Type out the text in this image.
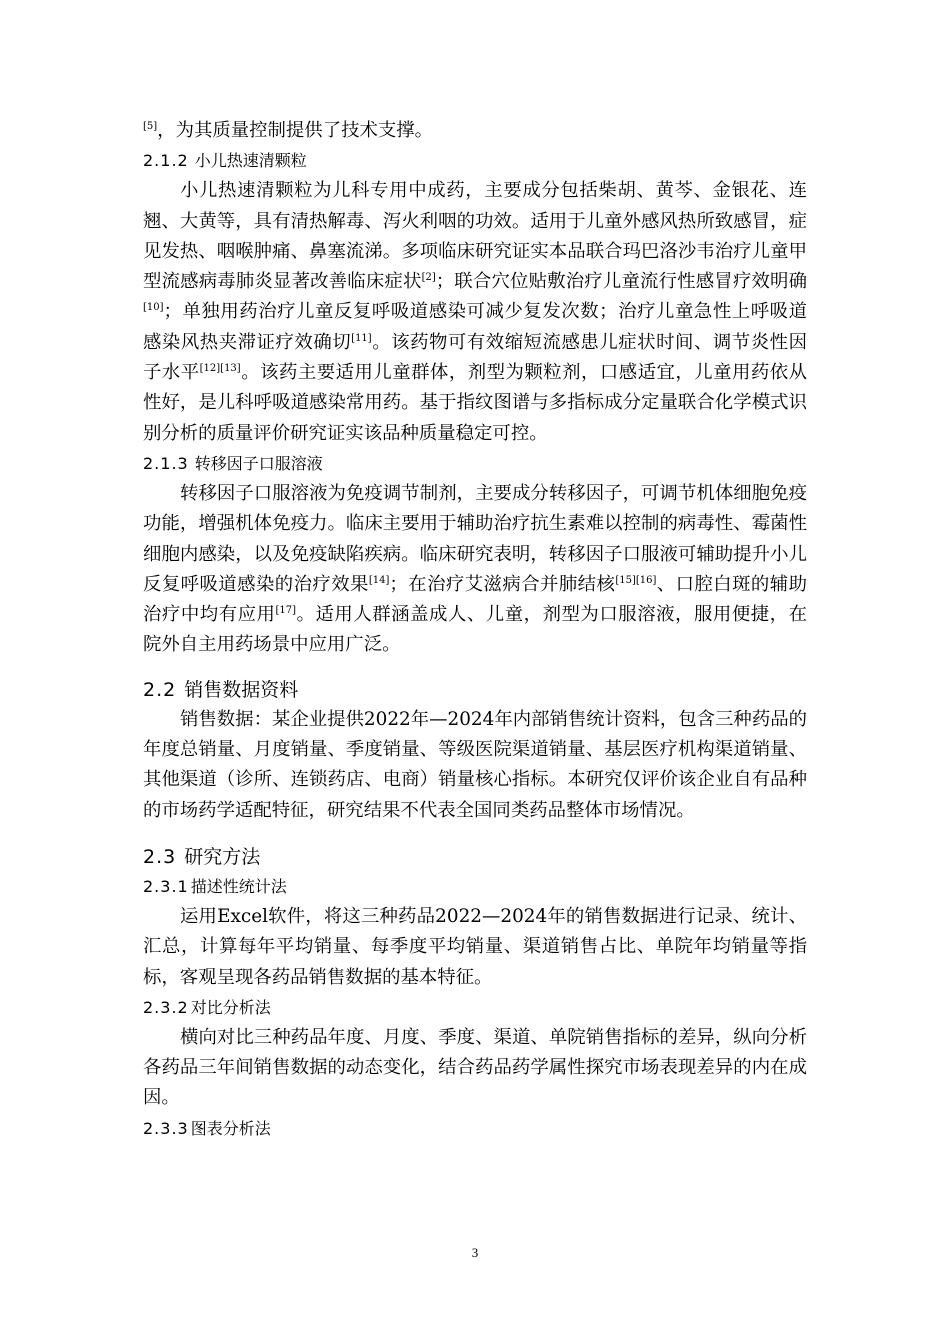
[5]，为其质量控制提供了技术支撑。

2.1.2 小儿热速清颗粒

小儿热速清颗粒为儿科专用中成药，主要成分包括柴胡、黄芩、金银花、连翘、大黄等，具有清热解毒、泻火利咽的功效。适用于儿童外感风热所致感冒，症见发热、咽喉肿痛、鼻塞流涕。多项临床研究证实本品联合玛巴洛沙韦治疗儿童甲型流感病毒肺炎显著改善临床症状[2]；联合穴位贴敷治疗儿童流行性感冒疗效明确[10]；单独用药治疗儿童反复呼吸道感染可减少复发次数；治疗儿童急性上呼吸道感染风热夹滞证疗效确切[11]。该药物可有效缩短流感患儿症状时间、调节炎性因子水平[12][13]。该药主要适用儿童群体，剂型为颗粒剂，口感适宜，儿童用药依从性好，是儿科呼吸道感染常用药。基于指纹图谱与多指标成分定量联合化学模式识别分析的质量评价研究证实该品种质量稳定可控。

2.1.3 转移因子口服溶液

转移因子口服溶液为免疫调节制剂，主要成分转移因子，可调节机体细胞免疫功能，增强机体免疫力。临床主要用于辅助治疗抗生素难以控制的病毒性、霉菌性细胞内感染，以及免疫缺陷疾病。临床研究表明，转移因子口服液可辅助提升小儿反复呼吸道感染的治疗效果[14]；在治疗艾滋病合并肺结核[15][16]、口腔白斑的辅助治疗中均有应用[17]。适用人群涵盖成人、儿童，剂型为口服溶液，服用便捷，在院外自主用药场景中应用广泛。

2.2 销售数据资料

销售数据：某企业提供2022年—2024年内部销售统计资料，包含三种药品的年度总销量、月度销量、季度销量、等级医院渠道销量、基层医疗机构渠道销量、其他渠道（诊所、连锁药店、电商）销量核心指标。本研究仅评价该企业自有品种的市场药学适配特征，研究结果不代表全国同类药品整体市场情况。

2.3 研究方法
2.3.1 描述性统计法

运用Excel软件，将这三种药品2022—2024年的销售数据进行记录、统计、汇总，计算每年平均销量、每季度平均销量、渠道销售占比、单院年均销量等指标，客观呈现各药品销售数据的基本特征。

2.3.2 对比分析法

横向对比三种药品年度、月度、季度、渠道、单院销售指标的差异，纵向分析各药品三年间销售数据的动态变化，结合药品药学属性探究市场表现差异的内在成因。

2.3.3 图表分析法
3
